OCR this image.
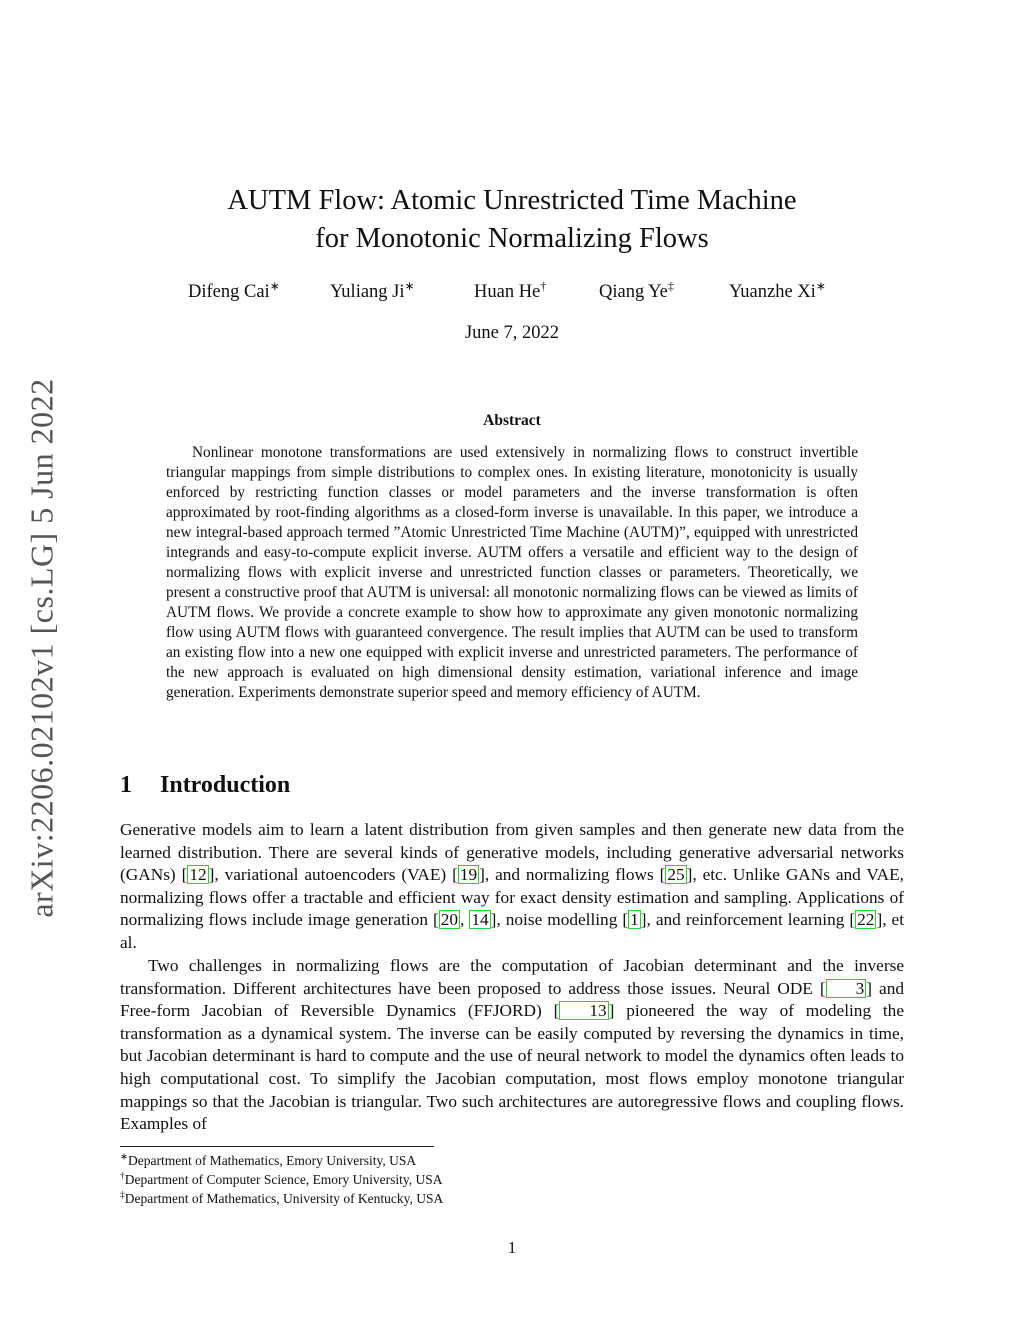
arXiv:2206.02102v1 [cs.LG] 5 Jun 2022
AUTM Flow: Atomic Unrestricted Time Machine
for Monotonic Normalizing Flows
Difeng Cai∗	Yuliang Ji∗	Huan He†	Qiang Ye‡	Yuanzhe Xi∗
June 7, 2022
Abstract

Nonlinear monotone transformations are used extensively in normalizing flows to construct invertible triangular mappings from simple distributions to complex ones. In existing literature, monotonicity is usually enforced by restricting function classes or model parameters and the inverse transformation is often approximated by root-finding algorithms as a closed-form inverse is unavailable. In this paper, we introduce a new integral-based approach termed ”Atomic Unrestricted Time Machine (AUTM)”, equipped with unrestricted integrands and easy-to-compute explicit inverse. AUTM offers a versatile and efficient way to the design of normalizing flows with explicit inverse and unrestricted function classes or parameters. Theoretically, we present a constructive proof that AUTM is universal: all monotonic normalizing flows can be viewed as limits of AUTM flows. We provide a concrete example to show how to approximate any given monotonic normalizing flow using AUTM flows with guaranteed convergence. The result implies that AUTM can be used to transform an existing flow into a new one equipped with explicit inverse and unrestricted parameters. The performance of the new approach is evaluated on high dimensional density estimation, variational inference and image generation. Experiments demonstrate superior speed and memory efficiency of AUTM.

1 Introduction

Generative models aim to learn a latent distribution from given samples and then generate new data from the learned distribution. There are several kinds of generative models, including generative adversarial networks (GANs) [ 12 ], variational autoencoders (VAE) [ 19 ], and normalizing flows [ 25 ], etc. Unlike GANs and VAE, normalizing flows offer a tractable and efficient way for exact density estimation and sampling. Applications of normalizing flows include image generation [ 20 , 14 ], noise modelling [ 1 ], and reinforcement learning [ 22 ], et al.

Two challenges in normalizing flows are the computation of Jacobian determinant and the inverse transformation. Different architectures have been proposed to address those issues. Neural ODE [ 3 ] and Free-form Jacobian of Reversible Dynamics (FFJORD) [ 13 ] pioneered the way of modeling the transformation as a dynamical system. The inverse can be easily computed by reversing the dynamics in time, but Jacobian determinant is hard to compute and the use of neural network to model the dynamics often leads to high computational cost. To simplify the Jacobian computation, most flows employ monotone triangular mappings so that the Jacobian is triangular. Two such architectures are autoregressive flows and coupling flows. Examples of

∗Department of Mathematics, Emory University, USA
†Department of Computer Science, Emory University, USA
‡Department of Mathematics, University of Kentucky, USA
1
